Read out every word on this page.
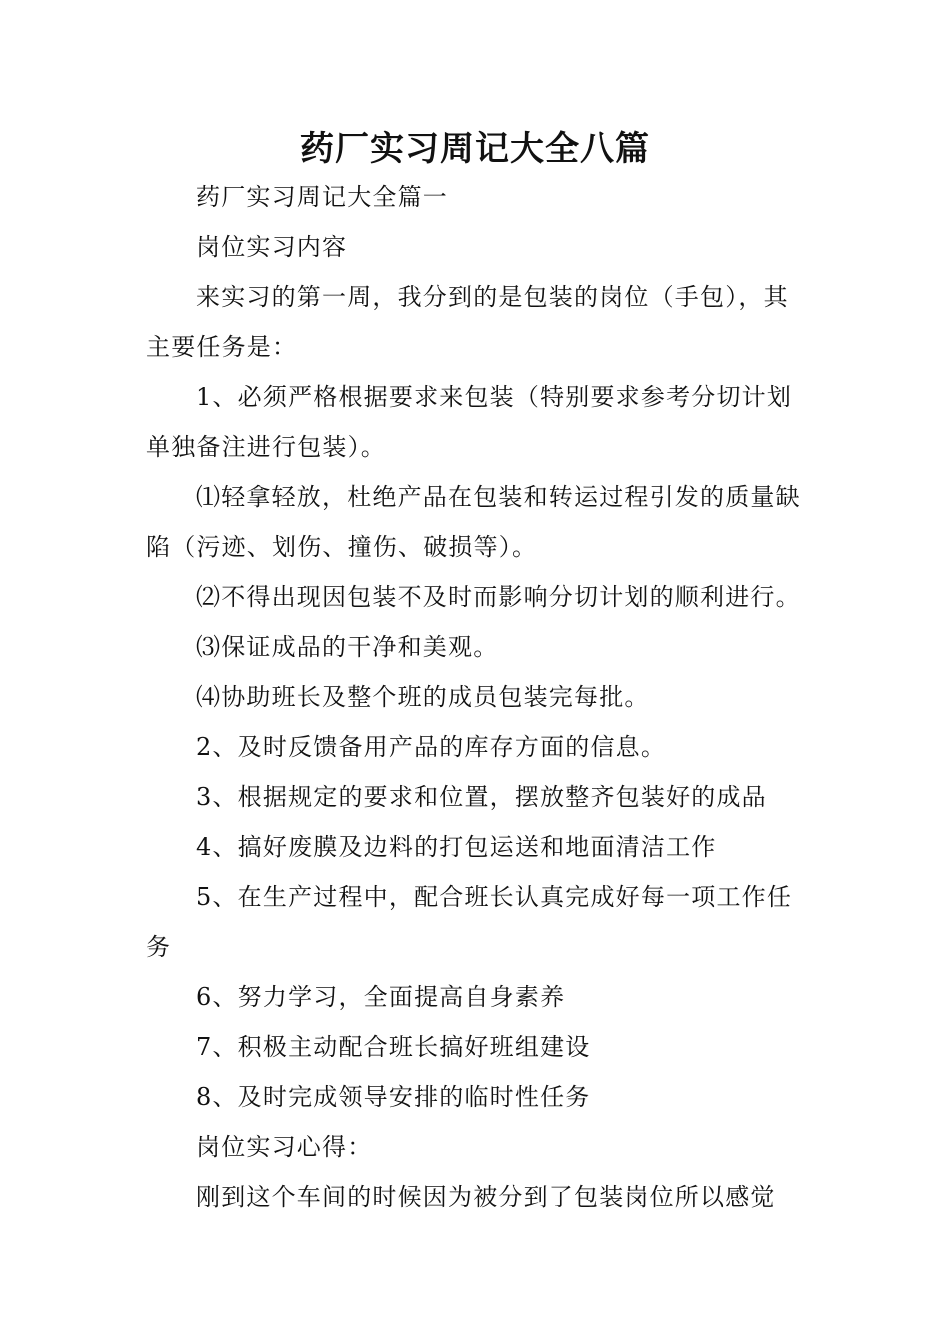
药厂实习周记大全八篇

药厂实习周记大全篇一

岗位实习内容

来实习的第一周，我分到的是包装的岗位（手包），其主要任务是：

1、必须严格根据要求来包装（特别要求参考分切计划单独备注进行包装）。

⑴轻拿轻放，杜绝产品在包装和转运过程引发的质量缺陷（污迹、划伤、撞伤、破损等）。

⑵不得出现因包装不及时而影响分切计划的顺利进行。

⑶保证成品的干净和美观。

⑷协助班长及整个班的成员包装完每批。

2、及时反馈备用产品的库存方面的信息。

3、根据规定的要求和位置，摆放整齐包装好的成品

4、搞好废膜及边料的打包运送和地面清洁工作

5、在生产过程中，配合班长认真完成好每一项工作任务

6、努力学习，全面提高自身素养

7、积极主动配合班长搞好班组建设

8、及时完成领导安排的临时性任务

岗位实习心得：

刚到这个车间的时候因为被分到了包装岗位所以感觉
